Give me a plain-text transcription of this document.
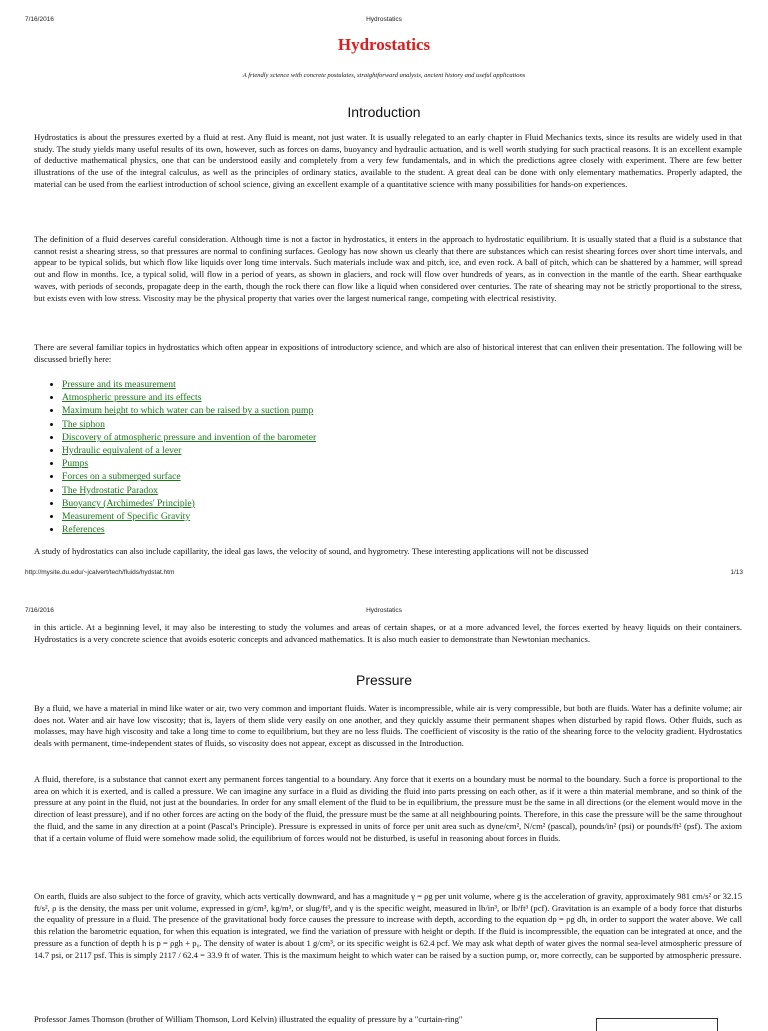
7/16/2016	Hydrostatics
Hydrostatics
A friendly science with concrete postulates, straightforward analysis, ancient history and useful applications
Introduction

Hydrostatics is about the pressures exerted by a fluid at rest. Any fluid is meant, not just water. It is usually relegated to an early chapter in Fluid Mechanics texts, since its results are widely used in that study. The study yields many useful results of its own, however, such as forces on dams, buoyancy and hydraulic actuation, and is well worth studying for such practical reasons. It is an excellent example of deductive mathematical physics, one that can be understood easily and completely from a very few fundamentals, and in which the predictions agree closely with experiment. There are few better illustrations of the use of the integral calculus, as well as the principles of ordinary statics, available to the student. A great deal can be done with only elementary mathematics. Properly adapted, the material can be used from the earliest introduction of school science, giving an excellent example of a quantitative science with many possibilities for hands-on experiences.

The definition of a fluid deserves careful consideration. Although time is not a factor in hydrostatics, it enters in the approach to hydrostatic equilibrium. It is usually stated that a fluid is a substance that cannot resist a shearing stress, so that pressures are normal to confining surfaces. Geology has now shown us clearly that there are substances which can resist shearing forces over short time intervals, and appear to be typical solids, but which flow like liquids over long time intervals. Such materials include wax and pitch, ice, and even rock. A ball of pitch, which can be shattered by a hammer, will spread out and flow in months. Ice, a typical solid, will flow in a period of years, as shown in glaciers, and rock will flow over hundreds of years, as in convection in the mantle of the earth. Shear earthquake waves, with periods of seconds, propagate deep in the earth, though the rock there can flow like a liquid when considered over centuries. The rate of shearing may not be strictly proportional to the stress, but exists even with low stress. Viscosity may be the physical property that varies over the largest numerical range, competing with electrical resistivity.

There are several familiar topics in hydrostatics which often appear in expositions of introductory science, and which are also of historical interest that can enliven their presentation. The following will be discussed briefly here:

• Pressure and its measurement
• Atmospheric pressure and its effects
• Maximum height to which water can be raised by a suction pump
• The siphon
• Discovery of atmospheric pressure and invention of the barometer
• Hydraulic equivalent of a lever
• Pumps
• Forces on a submerged surface
• The Hydrostatic Paradox
• Buoyancy (Archimedes' Principle)
• Measurement of Specific Gravity
• References

A study of hydrostatics can also include capillarity, the ideal gas laws, the velocity of sound, and hygrometry. These interesting applications will not be discussed

http://mysite.du.edu/~jcalvert/tech/fluids/hydstat.htm	1/13
7/16/2016	Hydrostatics

in this article. At a beginning level, it may also be interesting to study the volumes and areas of certain shapes, or at a more advanced level, the forces exerted by heavy liquids on their containers. Hydrostatics is a very concrete science that avoids esoteric concepts and advanced mathematics. It is also much easier to demonstrate than Newtonian mechanics.

Pressure

By a fluid, we have a material in mind like water or air, two very common and important fluids. Water is incompressible, while air is very compressible, but both are fluids. Water has a definite volume; air does not. Water and air have low viscosity; that is, layers of them slide very easily on one another, and they quickly assume their permanent shapes when disturbed by rapid flows. Other fluids, such as molasses, may have high viscosity and take a long time to come to equilibrium, but they are no less fluids. The coefficient of viscosity is the ratio of the shearing force to the velocity gradient. Hydrostatics deals with permanent, time-independent states of fluids, so viscosity does not appear, except as discussed in the Introduction.

A fluid, therefore, is a substance that cannot exert any permanent forces tangential to a boundary. Any force that it exerts on a boundary must be normal to the boundary. Such a force is proportional to the area on which it is exerted, and is called a pressure. We can imagine any surface in a fluid as dividing the fluid into parts pressing on each other, as if it were a thin material membrane, and so think of the pressure at any point in the fluid, not just at the boundaries. In order for any small element of the fluid to be in equilibrium, the pressure must be the same in all directions (or the element would move in the direction of least pressure), and if no other forces are acting on the body of the fluid, the pressure must be the same at all neighbouring points. Therefore, in this case the pressure will be the same throughout the fluid, and the same in any direction at a point (Pascal's Principle). Pressure is expressed in units of force per unit area such as dyne/cm², N/cm² (pascal), pounds/in² (psi) or pounds/ft² (psf). The axiom that if a certain volume of fluid were somehow made solid, the equilibrium of forces would not be disturbed, is useful in reasoning about forces in fluids.

On earth, fluids are also subject to the force of gravity, which acts vertically downward, and has a magnitude γ = ρg per unit volume, where g is the acceleration of gravity, approximately 981 cm/s² or 32.15 ft/s², ρ is the density, the mass per unit volume, expressed in g/cm³, kg/m³, or slug/ft³, and γ is the specific weight, measured in lb/in³, or lb/ft³ (pcf). Gravitation is an example of a body force that disturbs the equality of pressure in a fluid. The presence of the gravitational body force causes the pressure to increase with depth, according to the equation dp = ρg dh, in order to support the water above. We call this relation the barometric equation, for when this equation is integrated, we find the variation of pressure with height or depth. If the fluid is incompressible, the equation can be integrated at once, and the pressure as a function of depth h is p = ρgh + p₀. The density of water is about 1 g/cm³, or its specific weight is 62.4 pcf. We may ask what depth of water gives the normal sea-level atmospheric pressure of 14.7 psi, or 2117 psf. This is simply 2117 / 62.4 = 33.9 ft of water. This is the maximum height to which water can be raised by a suction pump, or, more correctly, can be supported by atmospheric pressure.

Professor James Thomson (brother of William Thomson, Lord Kelvin) illustrated the equality of pressure by a "curtain-ring"
